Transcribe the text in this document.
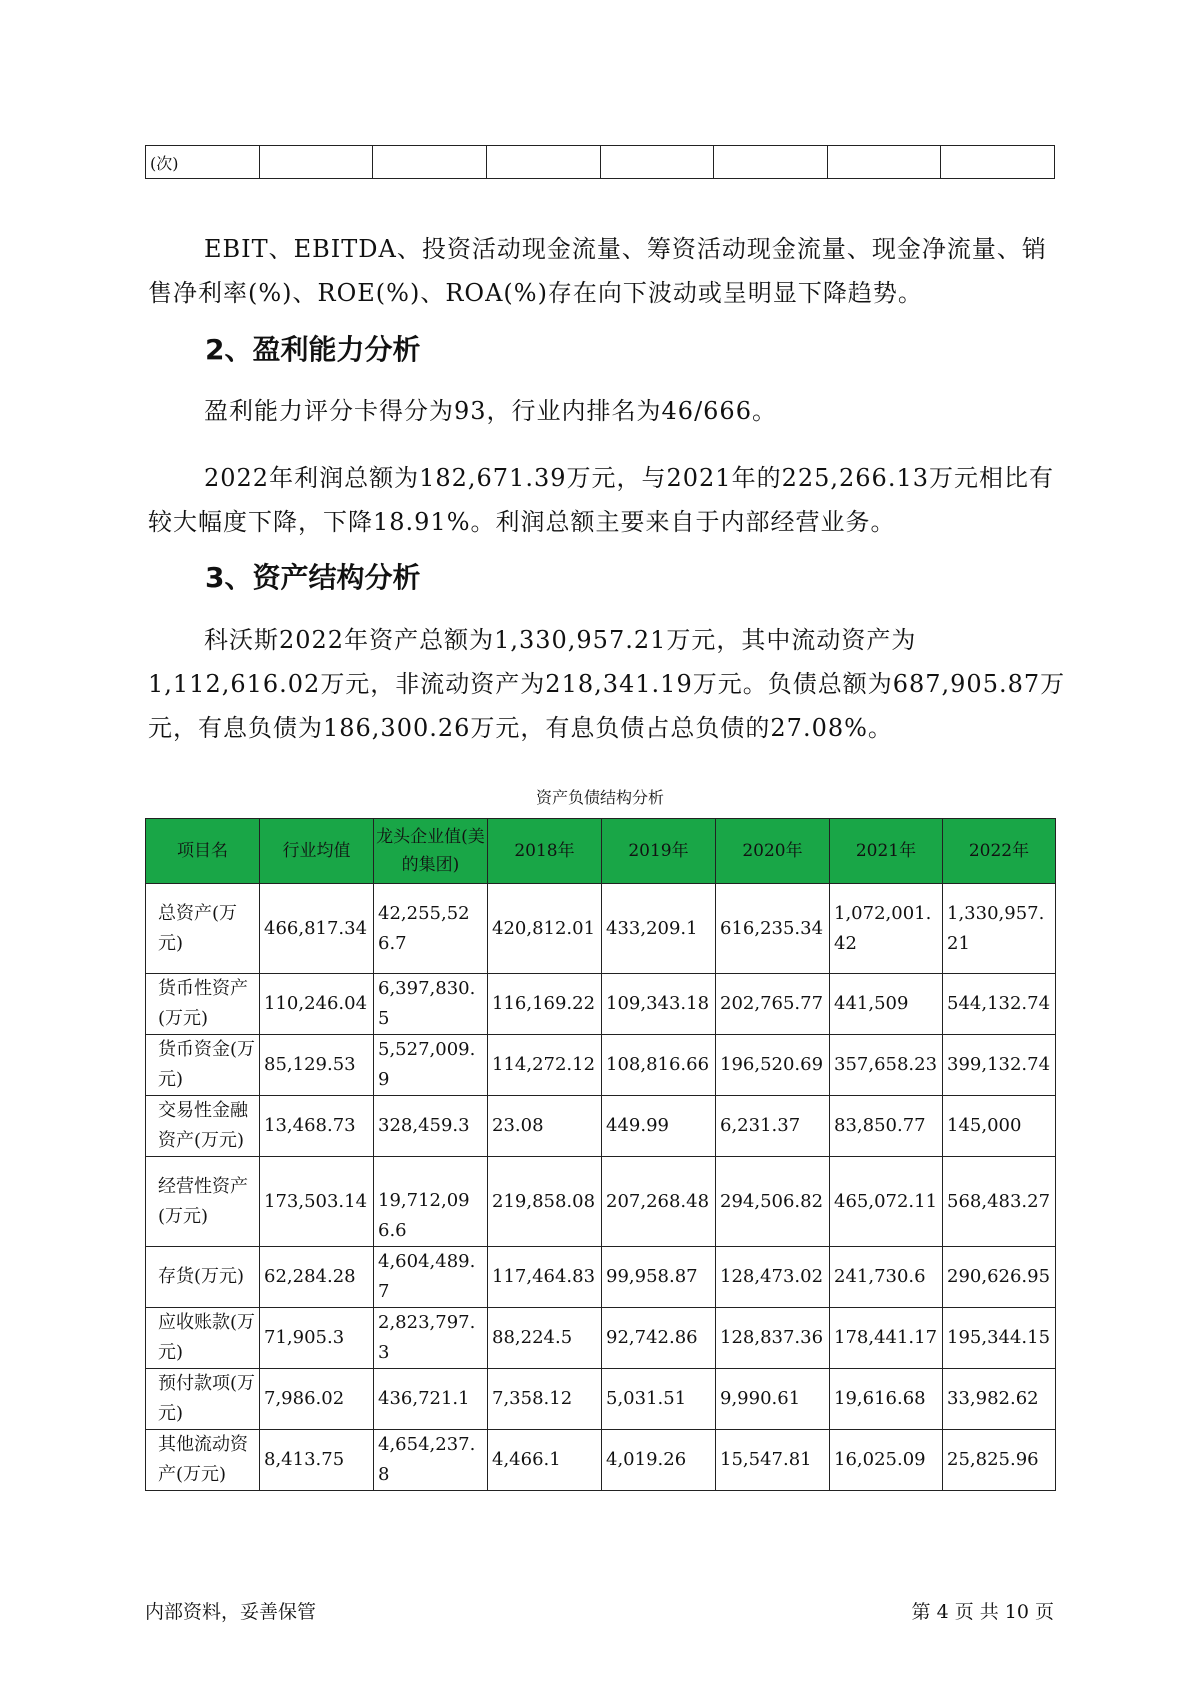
(次)							

EBIT、EBITDA、投资活动现金流量、筹资活动现金流量、现金净流量、销售净利率(%)、ROE(%)、ROA(%)存在向下波动或呈明显下降趋势。

2、盈利能力分析

盈利能力评分卡得分为93，行业内排名为46/666。

2022年利润总额为182,671.39万元，与2021年的225,266.13万元相比有较大幅度下降，下降18.91%。利润总额主要来自于内部经营业务。

3、资产结构分析

科沃斯2022年资产总额为1,330,957.21万元，其中流动资产为1,112,616.02万元，非流动资产为218,341.19万元。负债总额为687,905.87万元，有息负债为186,300.26万元，有息负债占总负债的27.08%。

资产负债结构分析

项目名	行业均值	龙头企业值(美的集团)	2018年	2019年	2020年	2021年	2022年
总资产(万元)	466,817.34	42,255,526.7	420,812.01	433,209.1	616,235.34	1,072,001.42	1,330,957.21
货币性资产(万元)	110,246.04	6,397,830.5	116,169.22	109,343.18	202,765.77	441,509	544,132.74
货币资金(万元)	85,129.53	5,527,009.9	114,272.12	108,816.66	196,520.69	357,658.23	399,132.74
交易性金融资产(万元)	13,468.73	328,459.3	23.08	449.99	6,231.37	83,850.77	145,000
经营性资产(万元)	173,503.14	19,712,096.6	219,858.08	207,268.48	294,506.82	465,072.11	568,483.27
存货(万元)	62,284.28	4,604,489.7	117,464.83	99,958.87	128,473.02	241,730.6	290,626.95
应收账款(万元)	71,905.3	2,823,797.3	88,224.5	92,742.86	128,837.36	178,441.17	195,344.15
预付款项(万元)	7,986.02	436,721.1	7,358.12	5,031.51	9,990.61	19,616.68	33,982.62
其他流动资产(万元)	8,413.75	4,654,237.8	4,466.1	4,019.26	15,547.81	16,025.09	25,825.96
内部资料，妥善保管	第 4 页 共 10 页
